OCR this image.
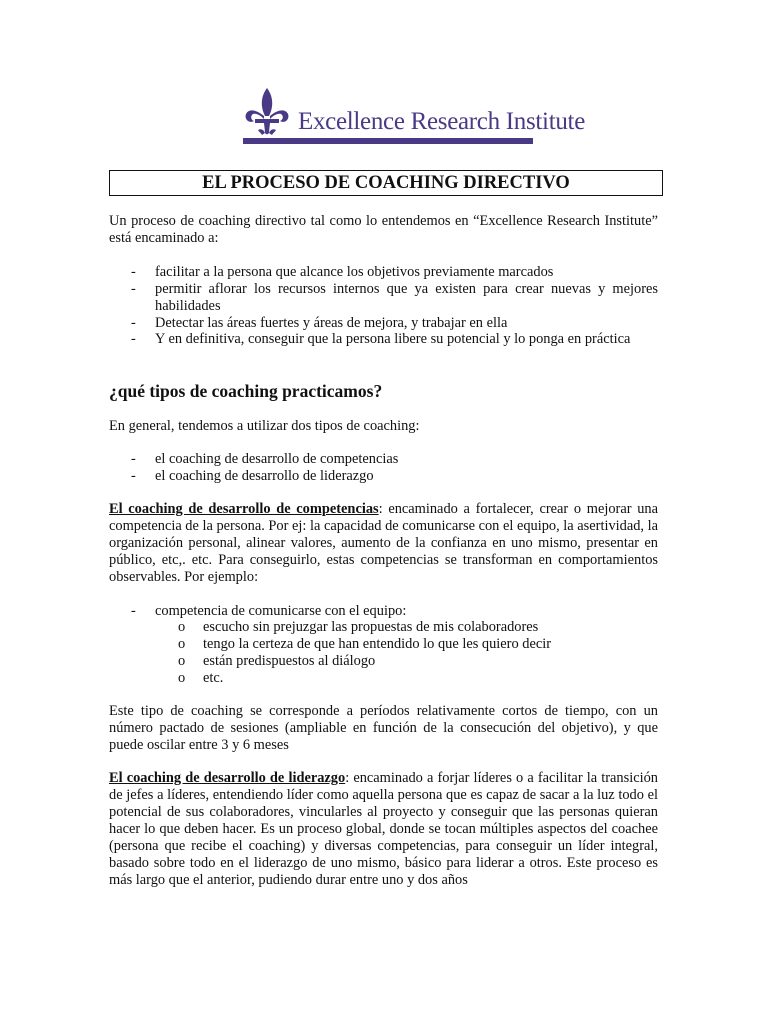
Excellence Research Institute
EL PROCESO DE COACHING DIRECTIVO
Un proceso de coaching directivo tal como lo entendemos en “Excellence Research Institute” está encaminado a:
- facilitar a la persona que alcance los objetivos previamente marcados
- permitir aflorar los recursos internos que ya existen para crear nuevas y mejores habilidades
- Detectar las áreas fuertes y áreas de mejora, y trabajar en ella
- Y en definitiva, conseguir que la persona libere su potencial y lo ponga en práctica
¿qué tipos de coaching practicamos?
En general, tendemos a utilizar dos tipos de coaching:
- el coaching de desarrollo de competencias
- el coaching de desarrollo de liderazgo
El coaching de desarrollo de competencias: encaminado a fortalecer, crear o mejorar una competencia de la persona. Por ej: la capacidad de comunicarse con el equipo, la asertividad, la organización personal, alinear valores, aumento de la confianza en uno mismo, presentar en público, etc,. etc. Para conseguirlo, estas competencias se transforman en comportamientos observables. Por ejemplo:
- competencia de comunicarse con el equipo:
o escucho sin prejuzgar las propuestas de mis colaboradores
o tengo la certeza de que han entendido lo que les quiero decir
o están predispuestos al diálogo
o etc.
Este tipo de coaching se corresponde a períodos relativamente cortos de tiempo, con un número pactado de sesiones (ampliable en función de la consecución del objetivo), y que puede oscilar entre 3 y 6 meses
El coaching de desarrollo de liderazgo: encaminado a forjar líderes o a facilitar la transición de jefes a líderes, entendiendo líder como aquella persona que es capaz de sacar a la luz todo el potencial de sus colaboradores, vincularles al proyecto y conseguir que las personas quieran hacer lo que deben hacer. Es un proceso global, donde se tocan múltiples aspectos del coachee (persona que recibe el coaching) y diversas competencias, para conseguir un líder integral, basado sobre todo en el liderazgo de uno mismo, básico para liderar a otros. Este proceso es más largo que el anterior, pudiendo durar entre uno y dos años
